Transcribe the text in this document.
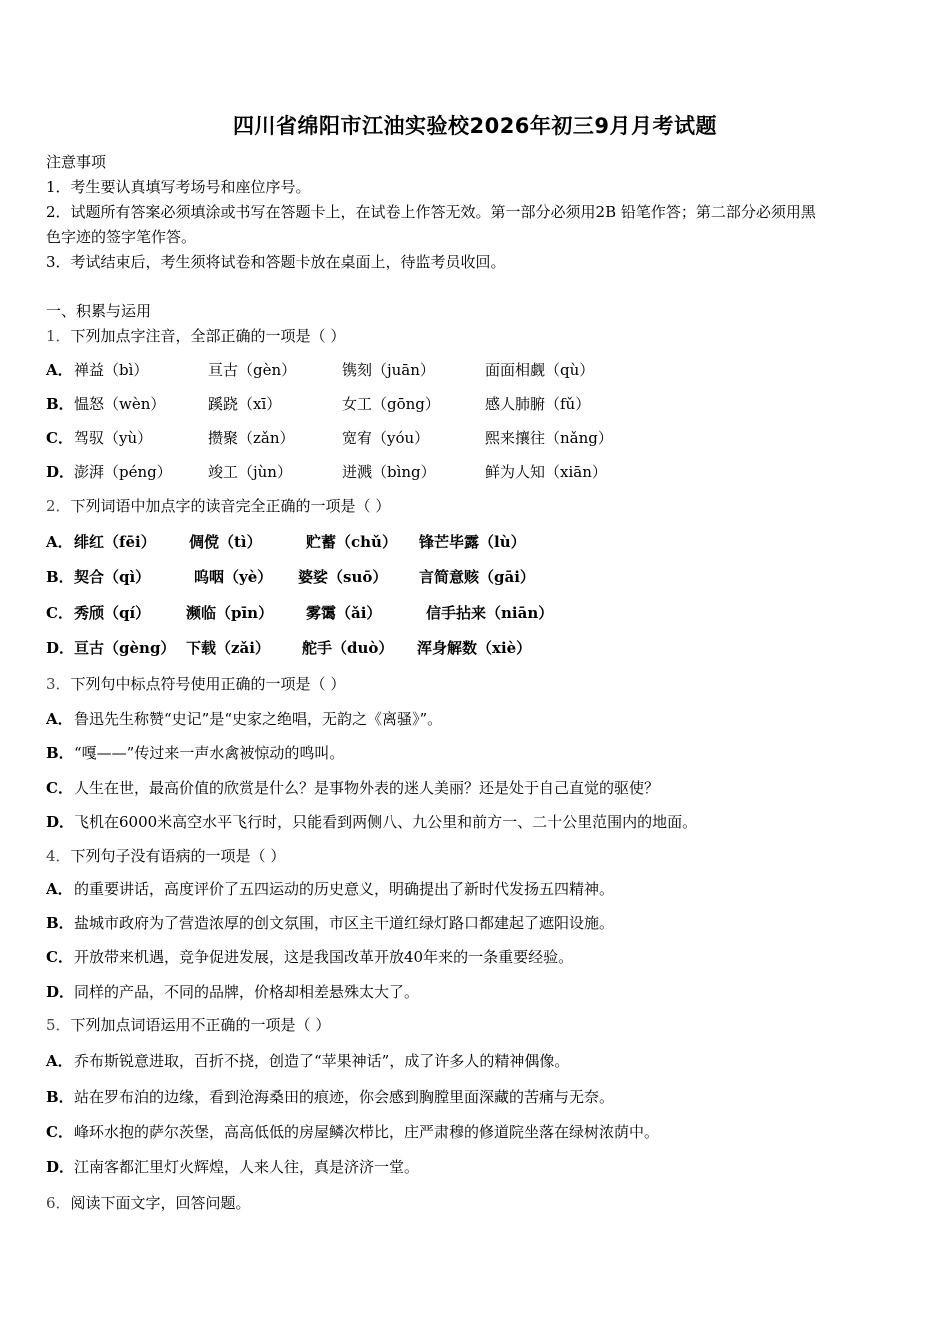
四川省绵阳市江油实验校2026年初三9月月考试题
注意事项
1．考生要认真填写考场号和座位序号。
2．试题所有答案必须填涂或书写在答题卡上，在试卷上作答无效。第一部分必须用2B 铅笔作答；第二部分必须用黑
色字迹的签字笔作答。
3．考试结束后，考生须将试卷和答题卡放在桌面上，待监考员收回。
一、积累与运用
1．下列加点字注音，全部正确的一项是（ ）
A． 禅益（bì）	亘古（gèn）	镌刻（juān）	面面相觑（qù）
B． 愠怒（wèn）	蹊跷（xī）	女工（gōng）	感人肺腑（fǔ）
C． 驾驭（yù）	攒聚（zǎn）	宽宥（yóu）	熙来攘往（nǎng）
D． 澎湃（péng） 竣工（jùn）	迸溅（bìng）	鲜为人知（xiān）
2．下列词语中加点字的读音完全正确的一项是（ ）
A． 绯红（fēi） 倜傥（tì）	贮蓄（chǔ） 锋芒毕露（lù）
B． 契合（qì）	呜咽（yè） 婆娑（suō） 言简意赅（gāi）
C． 秀颀（qí） 濒临（pīn） 雾霭（ǎi）	信手拈来（niān）
D． 亘古（gèng） 下载（zǎi） 舵手（duò） 浑身解数（xiè）
3．下列句中标点符号使用正确的一项是（ ）
A． 鲁迅先生称赞“史记”是“史家之绝唱，无韵之《离骚》”。
B． “嘎——”传过来一声水禽被惊动的鸣叫。
C． 人生在世，最高价值的欣赏是什么？是事物外表的迷人美丽？还是处于自己直觉的驱使？
D． 飞机在6000米高空水平飞行时，只能看到两侧八、九公里和前方一、二十公里范围内的地面。
4．下列句子没有语病的一项是（ ）
A． 的重要讲话，高度评价了五四运动的历史意义，明确提出了新时代发扬五四精神。
B． 盐城市政府为了营造浓厚的创文氛围，市区主干道红绿灯路口都建起了遮阳设施。
C． 开放带来机遇，竞争促进发展，这是我国改革开放40年来的一条重要经验。
D． 同样的产品，不同的品牌，价格却相差悬殊太大了。
5．下列加点词语运用不正确的一项是（ ）
A． 乔布斯锐意进取，百折不挠，创造了“苹果神话”，成了许多人的精神偶像。
B． 站在罗布泊的边缘，看到沧海桑田的痕迹，你会感到胸膛里面深藏的苦痛与无奈。
C． 峰环水抱的萨尔茨堡，高高低低的房屋鳞次栉比，庄严肃穆的修道院坐落在绿树浓荫中。
D． 江南客都汇里灯火辉煌，人来人往，真是济济一堂。
6．阅读下面文字，回答问题。
